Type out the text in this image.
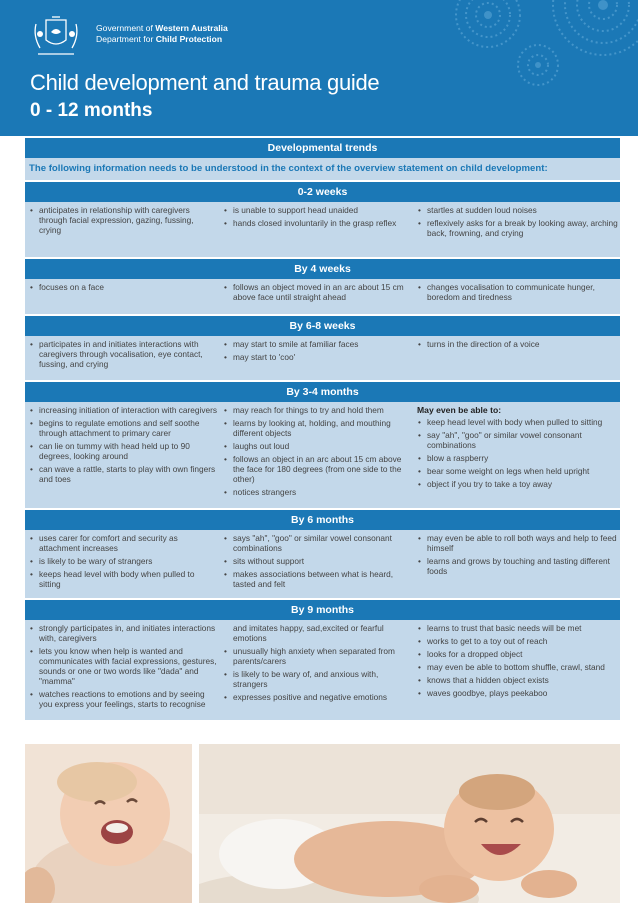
Government of Western Australia
Department for Child Protection
Child development and trauma guide
0 - 12 months
Developmental trends
The following information needs to be understood in the context of the overview statement on child development:
0-2 weeks
• anticipates in relationship with caregivers through facial expression, gazing, fussing, crying
• is unable to support head unaided
• hands closed involuntarily in the grasp reflex
• startles at sudden loud noises
• reflexively asks for a break by looking away, arching back, frowning, and crying
By 4 weeks
• focuses on a face
•	follows an object moved in an arc about 15 cm above face until straight ahead
• changes vocalisation to communicate hunger, boredom and tiredness
By 6-8 weeks
• participates in and initiates interactions with caregivers through vocalisation, eye contact, fussing, and crying
• may start to smile at familiar faces
• may start to 'coo'
• turns in the direction of a voice
By 3-4 months
• increasing initiation of interaction with caregivers
• begins to regulate emotions and self soothe through attachment to primary carer
• can lie on tummy with head held up to 90 degrees, looking around
• can wave a rattle, starts to play with own fingers and toes
• may reach for things to try and hold them
• learns by looking at, holding, and mouthing different objects
• laughs out loud
• follows an object in an arc about 15 cm above the face for 180 degrees (from one side to the other)
• notices strangers
May even be able to:
• keep head level with body when pulled to sitting
• say "ah", "goo" or similar vowel consonant combinations
• blow a raspberry
• bear some weight on legs when held upright
• object if you try to take a toy away
By 6 months
• uses carer for comfort and security as attachment increases
• is likely to be wary of strangers
• keeps head level with body when pulled to sitting
• says "ah", "goo" or similar vowel consonant combinations
• sits without support
• makes associations between what is heard, tasted and felt
• may even be able to roll both ways and help to feed himself
• learns and grows by touching and tasting different foods
By 9 months
• strongly participates in, and initiates interactions with, caregivers
• lets you know when help is wanted and communicates with facial expressions, gestures, sounds or one or two words like "dada" and "mamma"
• watches reactions to emotions and by seeing you express your feelings, starts to recognise
and imitates happy, sad,excited or fearful emotions
• unusually high anxiety when separated from parents/carers
• is likely to be wary of, and anxious with, strangers
• expresses positive and negative emotions
• learns to trust that basic needs will be met
• works to get to a toy out of reach
• looks for a dropped object
• may even be able to bottom shuffle, crawl, stand
• knows that a hidden object exists
• waves goodbye, plays peekaboo
